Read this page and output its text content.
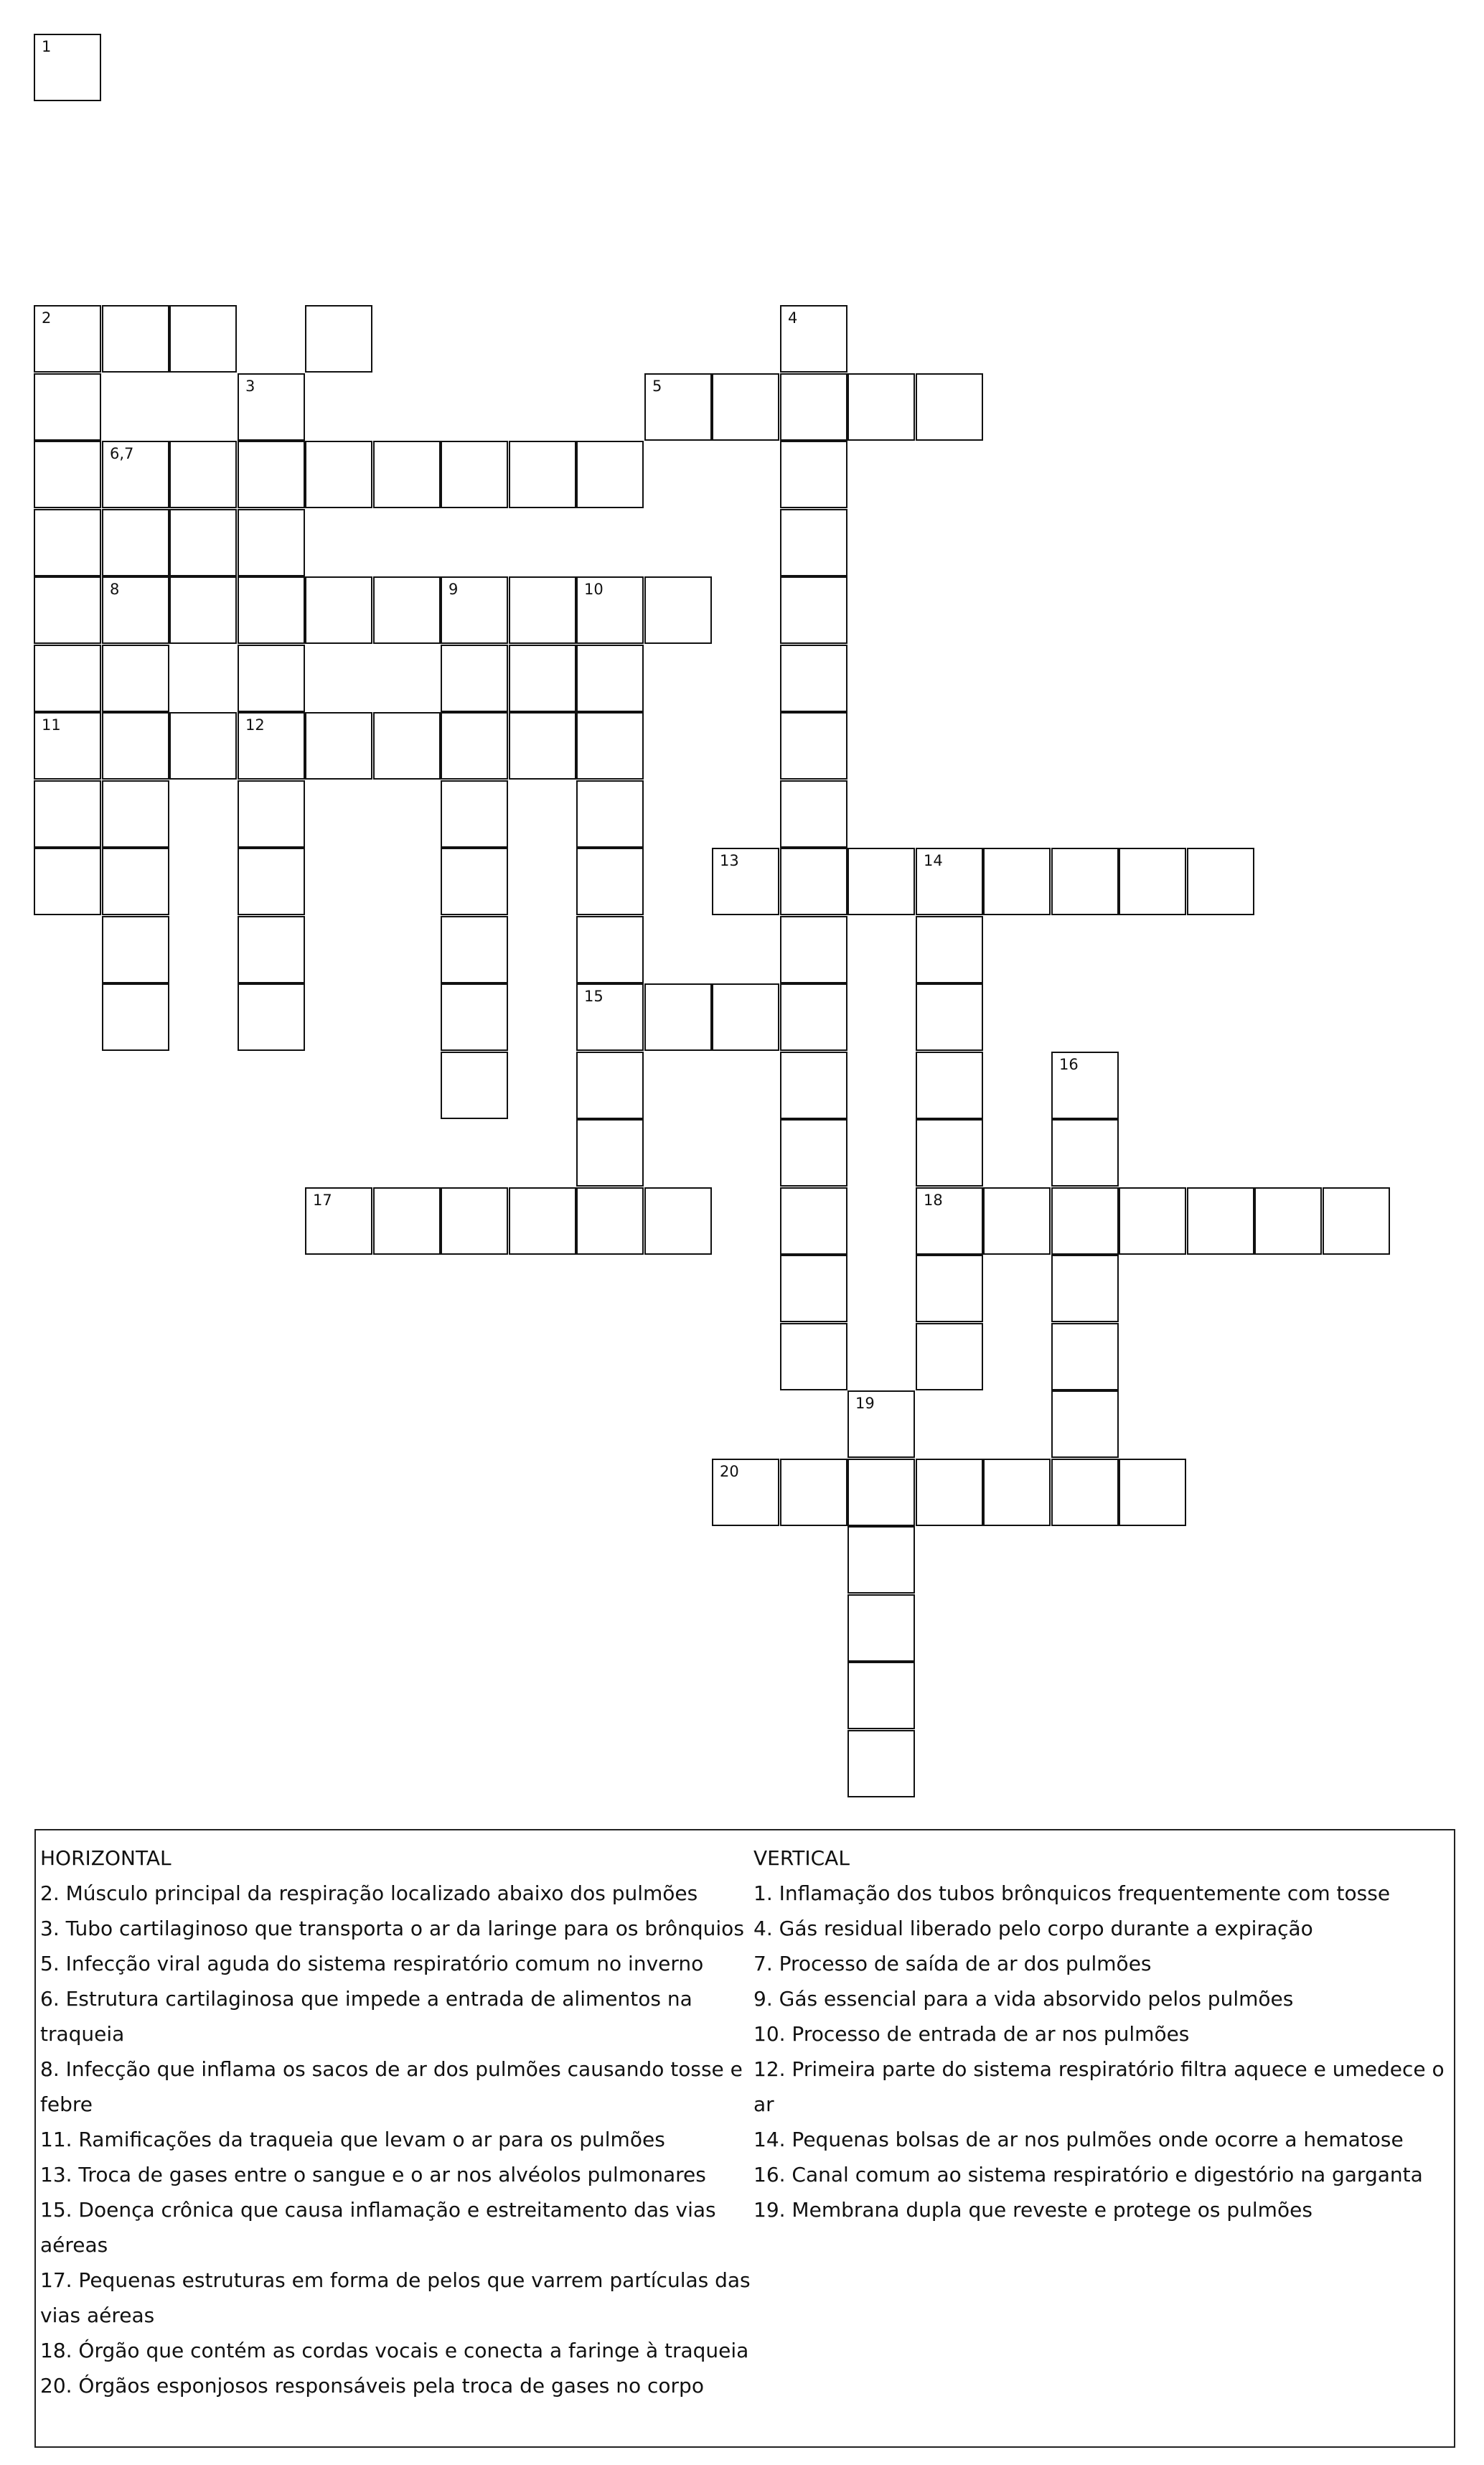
1
2
3
4
5
6,7
8	9	10
11	12
13	14
15
16
17	18
19
20
HORIZONTAL
2. Músculo principal da respiração localizado abaixo dos pulmões
3. Tubo cartilaginoso que transporta o ar da laringe para os brônquios
5. Infecção viral aguda do sistema respiratório comum no inverno
6. Estrutura cartilaginosa que impede a entrada de alimentos na
traqueia
8. Infecção que inflama os sacos de ar dos pulmões causando tosse e
febre
11. Ramificações da traqueia que levam o ar para os pulmões
13. Troca de gases entre o sangue e o ar nos alvéolos pulmonares
15. Doença crônica que causa inflamação e estreitamento das vias
aéreas
17. Pequenas estruturas em forma de pelos que varrem partículas das
vias aéreas
18. Órgão que contém as cordas vocais e conecta a faringe à traqueia
20. Órgãos esponjosos responsáveis pela troca de gases no corpo
VERTICAL
1. Inflamação dos tubos brônquicos frequentemente com tosse
4. Gás residual liberado pelo corpo durante a expiração
7. Processo de saída de ar dos pulmões
9. Gás essencial para a vida absorvido pelos pulmões
10. Processo de entrada de ar nos pulmões
12. Primeira parte do sistema respiratório filtra aquece e umedece o ar
14. Pequenas bolsas de ar nos pulmões onde ocorre a hematose
16. Canal comum ao sistema respiratório e digestório na garganta
19. Membrana dupla que reveste e protege os pulmões
